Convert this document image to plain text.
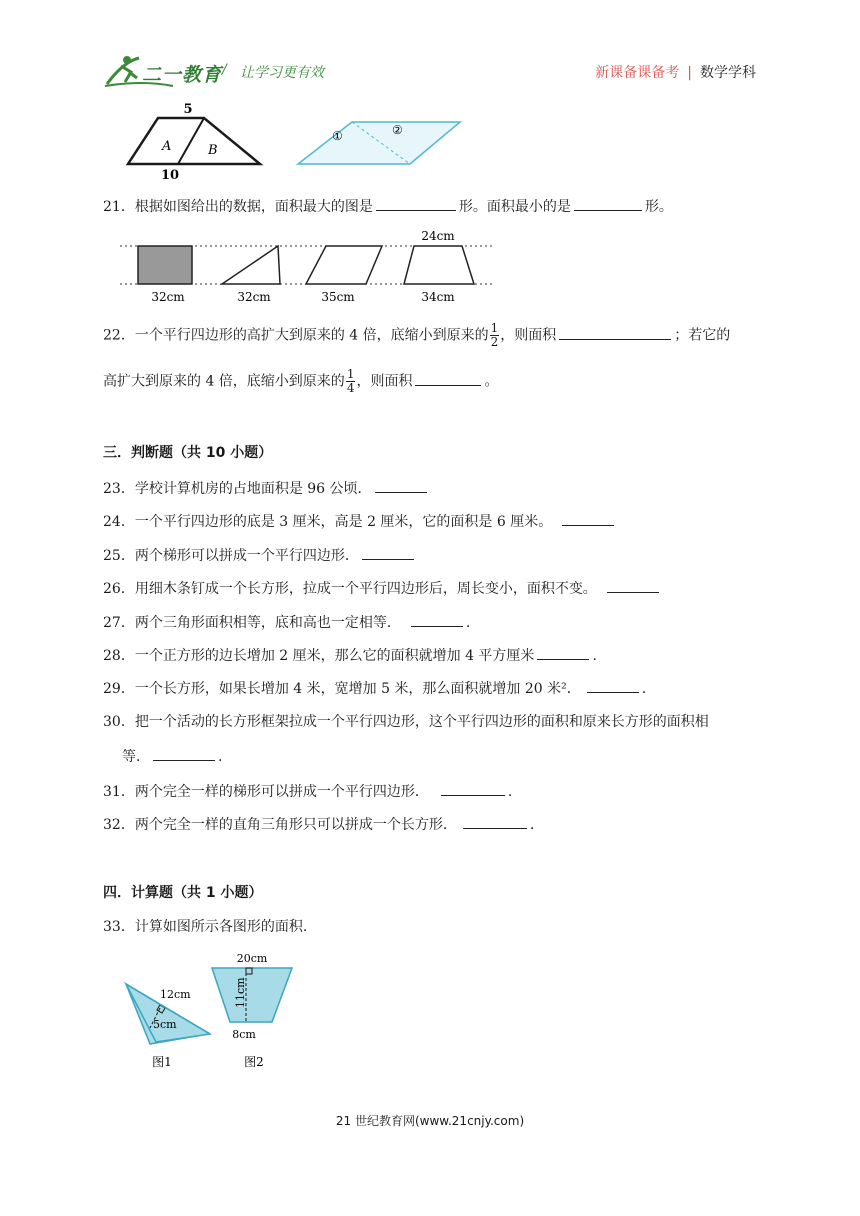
二一教育 / 让学习更有效	新课备课备考 | 数学学科
5
10
A	B
①	②
21．根据如图给出的数据，面积最大的图是	形。面积最小的是	形。
24cm
32cm	32cm	35cm	34cm
22．一个平行四边形的高扩大到原来的 4 倍，底缩小到原来的 $\frac{1}{2}$ ，则面积	；若它的
高扩大到原来的 4 倍，底缩小到原来的 $\frac{1}{4}$ ，则面积	。
三．判断题（共 10 小题）
23．学校计算机房的占地面积是 96 公顷．
24．一个平行四边形的底是 3 厘米，高是 2 厘米，它的面积是 6 厘米。
25．两个梯形可以拼成一个平行四边形．
26．用细木条钉成一个长方形，拉成一个平行四边形后，周长变小，面积不变。
27．两个三角形面积相等，底和高也一定相等．	.
28．一个正方形的边长增加 2 厘米，那么它的面积就增加 4 平方厘米	.
29．一个长方形，如果长增加 4 米，宽增加 5 米，那么面积就增加 20 米²．	.
30．把一个活动的长方形框架拉成一个平行四边形，这个平行四边形的面积和原来长方形的面积相
等．	.
31．两个完全一样的梯形可以拼成一个平行四边形．	.
32．两个完全一样的直角三角形只可以拼成一个长方形．	.
四．计算题（共 1 小题）
33．计算如图所示各图形的面积.
12cm
5cm
图1
20cm
11cm
8cm
图2
21 世纪教育网(www.21cnjy.com)
